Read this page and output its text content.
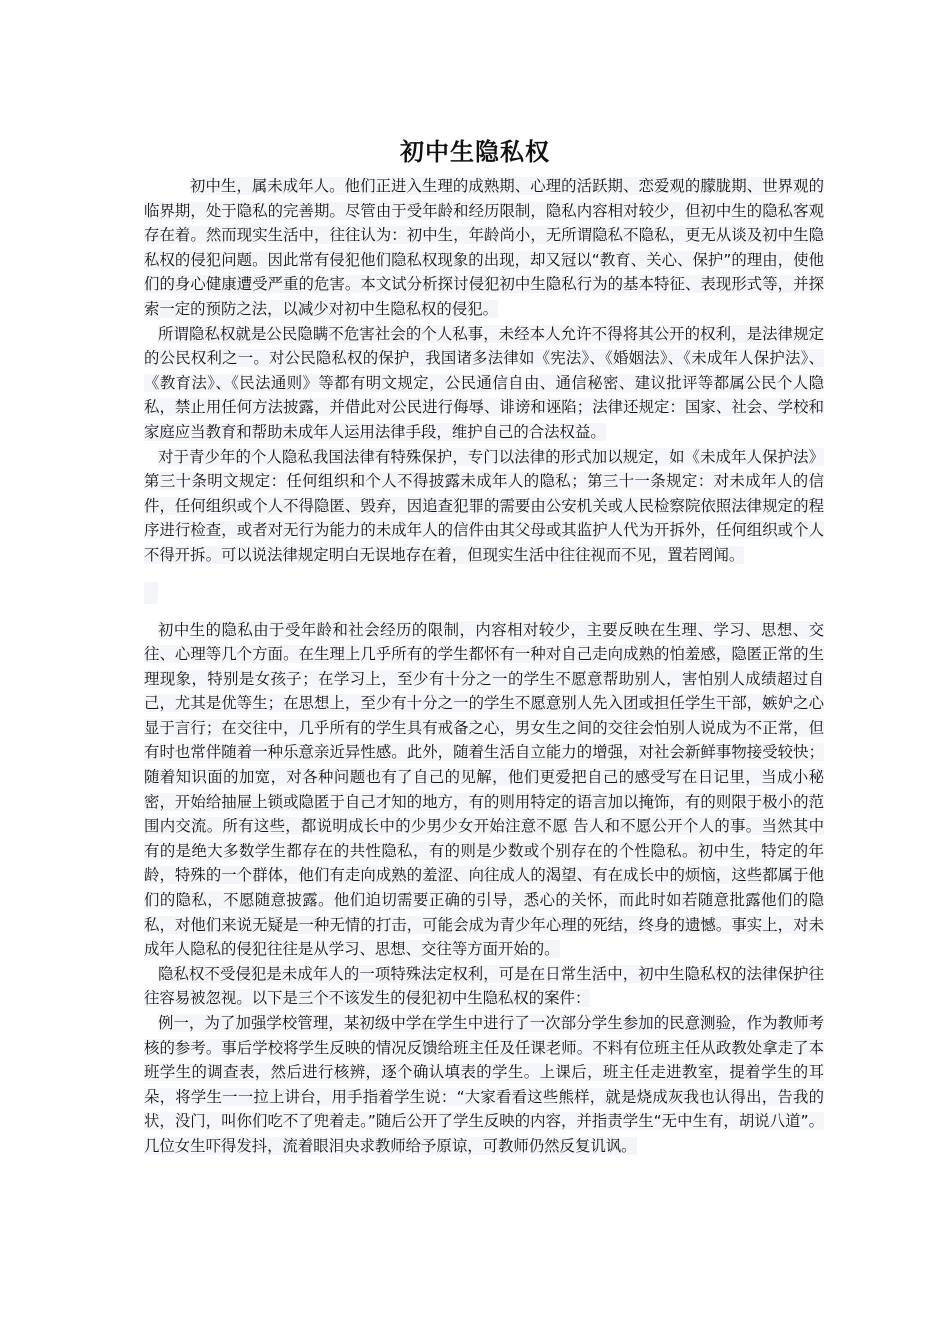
初中生隐私权

初中生，属未成年人。他们正进入生理的成熟期、心理的活跃期、恋爱观的朦胧期、世界观的临界期，处于隐私的完善期。尽管由于受年龄和经历限制，隐私内容相对较少，但初中生的隐私客观存在着。然而现实生活中，往往认为：初中生，年龄尚小，无所谓隐私不隐私，更无从谈及初中生隐私权的侵犯问题。因此常有侵犯他们隐私权现象的出现，却又冠以“教育、关心、保护”的理由，使他们的身心健康遭受严重的危害。本文试分析探讨侵犯初中生隐私行为的基本特征、表现形式等，并探索一定的预防之法，以减少对初中生隐私权的侵犯。

所谓隐私权就是公民隐瞒不危害社会的个人私事，未经本人允许不得将其公开的权利，是法律规定的公民权利之一。对公民隐私权的保护，我国诸多法律如《宪法》、《婚姻法》、《未成年人保护法》、《教育法》、《民法通则》等都有明文规定，公民通信自由、通信秘密、建议批评等都属公民个人隐私，禁止用任何方法披露，并借此对公民进行侮辱、诽谤和诬陷；法律还规定：国家、社会、学校和家庭应当教育和帮助未成年人运用法律手段，维护自己的合法权益。

对于青少年的个人隐私我国法律有特殊保护，专门以法律的形式加以规定，如《未成年人保护法》第三十条明文规定：任何组织和个人不得披露未成年人的隐私；第三十一条规定：对未成年人的信件，任何组织或个人不得隐匿、毁弃，因追查犯罪的需要由公安机关或人民检察院依照法律规定的程序进行检查，或者对无行为能力的未成年人的信件由其父母或其监护人代为开拆外，任何组织或个人不得开拆。可以说法律规定明白无误地存在着，但现实生活中往往视而不见，置若罔闻。

初中生的隐私由于受年龄和社会经历的限制，内容相对较少，主要反映在生理、学习、思想、交往、心理等几个方面。在生理上几乎所有的学生都怀有一种对自己走向成熟的怕羞感，隐匿正常的生理现象，特别是女孩子；在学习上，至少有十分之一的学生不愿意帮助别人，害怕别人成绩超过自己，尤其是优等生；在思想上，至少有十分之一的学生不愿意别人先入团或担任学生干部，嫉妒之心显于言行；在交往中，几乎所有的学生具有戒备之心，男女生之间的交往会怕别人说成为不正常，但有时也常伴随着一种乐意亲近异性感。此外，随着生活自立能力的增强，对社会新鲜事物接受较快；随着知识面的加宽，对各种问题也有了自己的见解，他们更爱把自己的感受写在日记里，当成小秘密，开始给抽屉上锁或隐匿于自己才知的地方，有的则用特定的语言加以掩饰，有的则限于极小的范围内交流。所有这些，都说明成长中的少男少女开始注意不愿 告人和不愿公开个人的事。当然其中有的是绝大多数学生都存在的共性隐私，有的则是少数或个别存在的个性隐私。初中生，特定的年龄，特殊的一个群体，他们有走向成熟的羞涩、向往成人的渴望、有在成长中的烦恼，这些都属于他们的隐私，不愿随意披露。他们迫切需要正确的引导，悉心的关怀，而此时如若随意批露他们的隐私，对他们来说无疑是一种无情的打击，可能会成为青少年心理的死结，终身的遗憾。事实上，对未成年人隐私的侵犯往往是从学习、思想、交往等方面开始的。

隐私权不受侵犯是未成年人的一项特殊法定权利，可是在日常生活中，初中生隐私权的法律保护往往容易被忽视。以下是三个不该发生的侵犯初中生隐私权的案件：

例一，为了加强学校管理，某初级中学在学生中进行了一次部分学生参加的民意测验，作为教师考核的参考。事后学校将学生反映的情况反馈给班主任及任课老师。不料有位班主任从政教处拿走了本班学生的调查表，然后进行核辨，逐个确认填表的学生。上课后，班主任走进教室，提着学生的耳朵，将学生一一拉上讲台，用手指着学生说：“大家看看这些熊样，就是烧成灰我也认得出，告我的状，没门，叫你们吃不了兜着走。”随后公开了学生反映的内容，并指责学生“无中生有，胡说八道”。几位女生吓得发抖，流着眼泪央求教师给予原谅，可教师仍然反复讥讽。
